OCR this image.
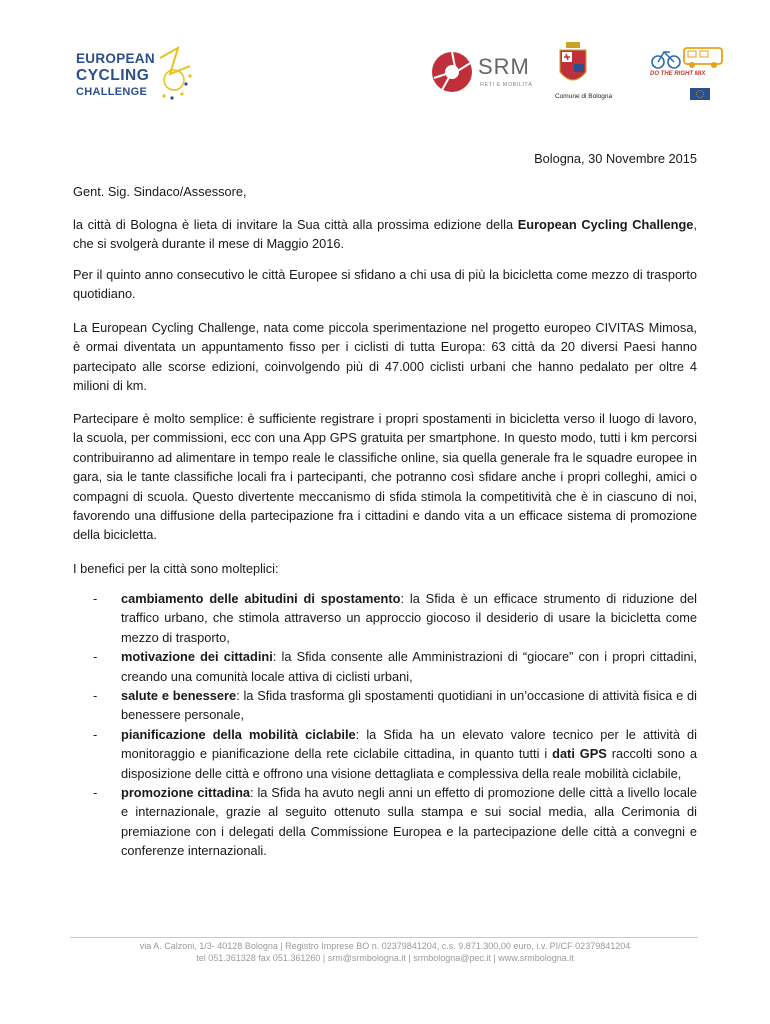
EUROPEAN
CYCLING
CHALLENGE
SRM
RETI E MOBILITÀ
Comune di Bologna
DO THE RIGHT MIX
Bologna, 30 Novembre 2015
Gent. Sig. Sindaco/Assessore,

la città di Bologna è lieta di invitare la Sua città alla prossima edizione della European Cycling Challenge, che si svolgerà durante il mese di Maggio 2016.

Per il quinto anno consecutivo le città Europee si sfidano a chi usa di più la bicicletta come mezzo di trasporto quotidiano.

La European Cycling Challenge, nata come piccola sperimentazione nel progetto europeo CIVITAS Mimosa, è ormai diventata un appuntamento fisso per i ciclisti di tutta Europa: 63 città da 20 diversi Paesi hanno partecipato alle scorse edizioni, coinvolgendo più di 47.000 ciclisti urbani che hanno pedalato per oltre 4 milioni di km.

Partecipare è molto semplice: è sufficiente registrare i propri spostamenti in bicicletta verso il luogo di lavoro, la scuola, per commissioni, ecc con una App GPS gratuita per smartphone. In questo modo, tutti i km percorsi contribuiranno ad alimentare in tempo reale le classifiche online, sia quella generale fra le squadre europee in gara, sia le tante classifiche locali fra i partecipanti, che potranno così sfidare anche i propri colleghi, amici o compagni di scuola. Questo divertente meccanismo di sfida stimola la competitività che è in ciascuno di noi, favorendo una diffusione della partecipazione fra i cittadini e dando vita a un efficace sistema di promozione della bicicletta.

I benefici per la città sono molteplici:

- cambiamento delle abitudini di spostamento: la Sfida è un efficace strumento di riduzione del traffico urbano, che stimola attraverso un approccio giocoso il desiderio di usare la bicicletta come mezzo di trasporto,
- motivazione dei cittadini: la Sfida consente alle Amministrazioni di “giocare” con i propri cittadini, creando una comunità locale attiva di ciclisti urbani,
- salute e benessere: la Sfida trasforma gli spostamenti quotidiani in un’occasione di attività fisica e di benessere personale,
- pianificazione della mobilità ciclabile: la Sfida ha un elevato valore tecnico per le attività di monitoraggio e pianificazione della rete ciclabile cittadina, in quanto tutti i dati GPS raccolti sono a disposizione delle città e offrono una visione dettagliata e complessiva della reale mobilità ciclabile,
- promozione cittadina: la Sfida ha avuto negli anni un effetto di promozione delle città a livello locale e internazionale, grazie al seguito ottenuto sulla stampa e sui social media, alla Cerimonia di premiazione con i delegati della Commissione Europea e la partecipazione delle città a convegni e conferenze internazionali.
via A. Calzoni, 1/3- 40128 Bologna | Registro Imprese BO n. 02379841204, c.s. 9.871.300,00 euro, i.v. PI/CF 02379841204
tel 051.361328 fax 051.361260 | srm@srmbologna.it | srmbologna@pec.it | www.srmbologna.it
